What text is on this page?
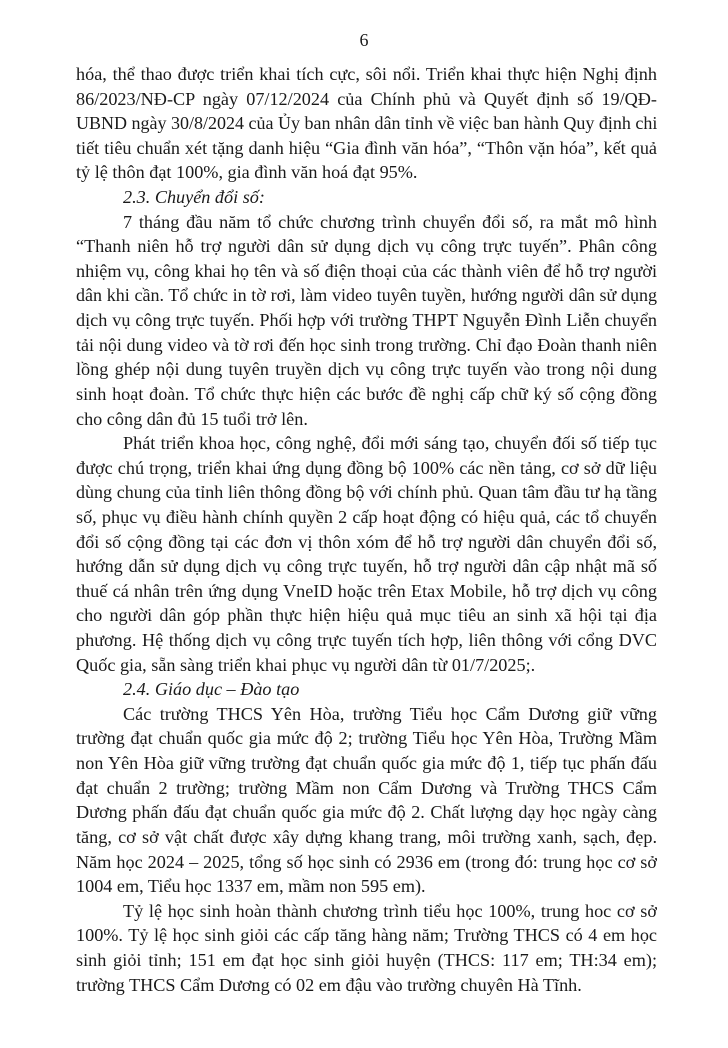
6
hóa, thể thao được triển khai tích cực, sôi nổi. Triển khai thực hiện Nghị định
86/2023/NĐ-CP ngày 07/12/2024 của Chính phủ và Quyết định số 19/QĐ-
UBND ngày 30/8/2024 của Ủy ban nhân dân tỉnh về việc ban hành Quy định chi
tiết tiêu chuẩn xét tặng danh hiệu “Gia đình văn hóa”, “Thôn vặn hóa”, kết quả
tỷ lệ thôn đạt 100%, gia đình văn hoá đạt 95%.
2.3. Chuyển đổi số:
7 tháng đầu năm tổ chức chương trình chuyển đổi số, ra mắt mô hình
“Thanh niên hỗ trợ người dân sử dụng dịch vụ công trực tuyến”. Phân công
nhiệm vụ, công khai họ tên và số điện thoại của các thành viên để hỗ trợ người
dân khi cần. Tổ chức in tờ rơi, làm video tuyên tuyền, hướng người dân sử dụng
dịch vụ công trực tuyến. Phối hợp với trường THPT Nguyễn Đình Liễn chuyển
tải nội dung video và tờ rơi đến học sinh trong trường. Chỉ đạo Đoàn thanh niên
lồng ghép nội dung tuyên truyền dịch vụ công trực tuyến vào trong nội dung
sinh hoạt đoàn. Tổ chức thực hiện các bước đề nghị cấp chữ ký số cộng đồng
cho công dân đủ 15 tuổi trở lên.
Phát triển khoa học, công nghệ, đổi mới sáng tạo, chuyển đối số tiếp tục
được chú trọng, triển khai ứng dụng đồng bộ 100% các nền tảng, cơ sở dữ liệu
dùng chung của tỉnh liên thông đồng bộ với chính phủ. Quan tâm đầu tư hạ tầng
số, phục vụ điều hành chính quyền 2 cấp hoạt động có hiệu quả, các tổ chuyển
đổi số cộng đồng tại các đơn vị thôn xóm để hỗ trợ người dân chuyển đổi số,
hướng dẫn sử dụng dịch vụ công trực tuyến, hỗ trợ người dân cập nhật mã số
thuế cá nhân trên ứng dụng VneID hoặc trên Etax Mobile, hỗ trợ dịch vụ công
cho người dân góp phần thực hiện hiệu quả mục tiêu an sinh xã hội tại địa
phương. Hệ thống dịch vụ công trực tuyến tích hợp, liên thông với cổng DVC
Quốc gia, sẵn sàng triển khai phục vụ người dân từ 01/7/2025;.
2.4. Giáo dục – Đào tạo
Các trường THCS Yên Hòa, trường Tiểu học Cẩm Dương giữ vững
trường đạt chuẩn quốc gia mức độ 2; trường Tiểu học Yên Hòa, Trường Mầm
non Yên Hòa giữ vững trường đạt chuẩn quốc gia mức độ 1, tiếp tục phấn đấu
đạt chuẩn 2 trường; trường Mầm non Cẩm Dương và Trường THCS Cẩm
Dương phấn đấu đạt chuẩn quốc gia mức độ 2. Chất lượng dạy học ngày càng
tăng, cơ sở vật chất được xây dựng khang trang, môi trường xanh, sạch, đẹp.
Năm học 2024 – 2025, tổng số học sinh có 2936 em (trong đó: trung học cơ sở
1004 em, Tiểu học 1337 em, mầm non 595 em).
Tỷ lệ học sinh hoàn thành chương trình tiểu học 100%, trung hoc cơ sở
100%. Tỷ lệ học sinh giỏi các cấp tăng hàng năm; Trường THCS có 4 em học
sinh giỏi tỉnh; 151 em đạt học sinh giỏi huyện (THCS: 117 em; TH:34 em);
trường THCS Cẩm Dương có 02 em đậu vào trường chuyên Hà Tĩnh.
